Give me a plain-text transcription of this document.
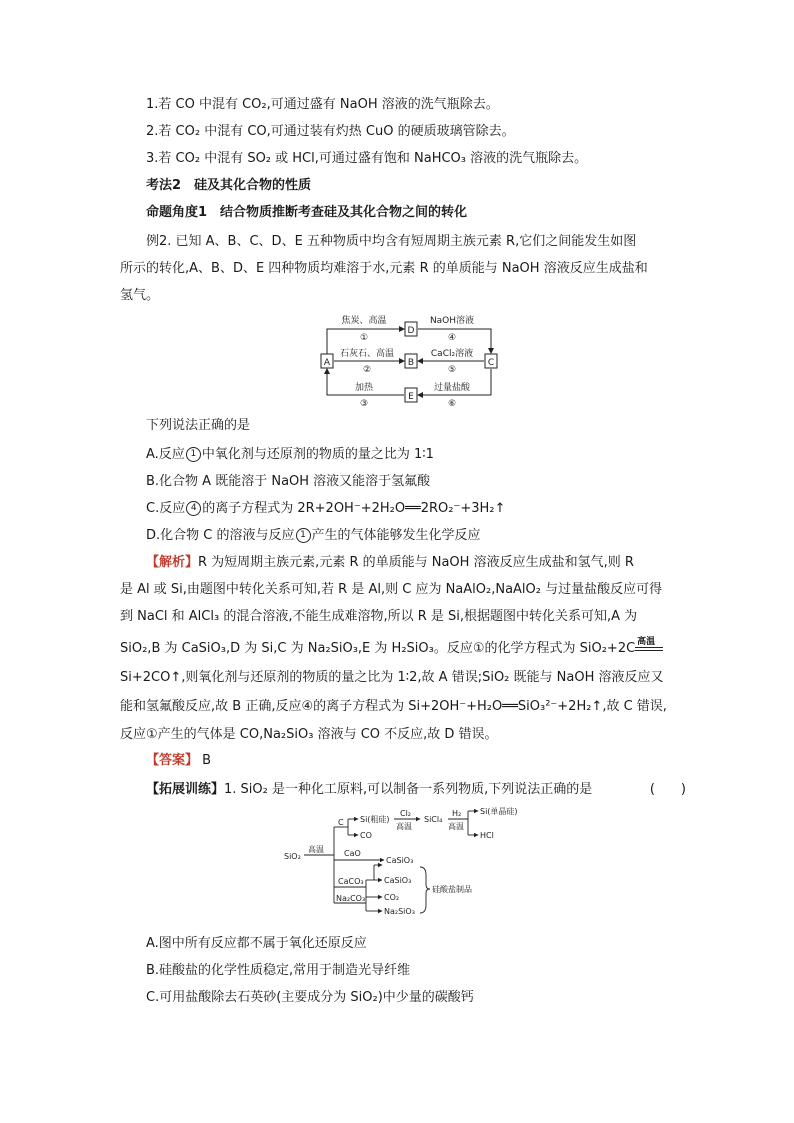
1.若 CO 中混有 CO₂,可通过盛有 NaOH 溶液的洗气瓶除去。
2.若 CO₂ 中混有 CO,可通过装有灼热 CuO 的硬质玻璃管除去。
3.若 CO₂ 中混有 SO₂ 或 HCl,可通过盛有饱和 NaHCO₃ 溶液的洗气瓶除去。
考法2　硅及其化合物的性质
命题角度1　结合物质推断考查硅及其化合物之间的转化
例2. 已知 A、B、C、D、E 五种物质中均含有短周期主族元素 R,它们之间能发生如图
所示的转化,A、B、D、E 四种物质均难溶于水,元素 R 的单质能与 NaOH 溶液反应生成盐和
氢气。
D
A	B	C
E
焦炭、高温
①
NaOH溶液
④
石灰石、高温
②
CaCl₂溶液
⑤
加热
③
过量盐酸
⑥
下列说法正确的是
A.反应 1 中氧化剂与还原剂的物质的量之比为 1∶1
B.化合物 A 既能溶于 NaOH 溶液又能溶于氢氟酸
C.反应 4 的离子方程式为 2R+2OH⁻+2H₂O══2RO₂⁻+3H₂↑
D.化合物 C 的溶液与反应 1 产生的气体能够发生化学反应
【解析】R 为短周期主族元素,元素 R 的单质能与 NaOH 溶液反应生成盐和氢气,则 R
是 Al 或 Si,由题图中转化关系可知,若 R 是 Al,则 C 应为 NaAlO₂,NaAlO₂ 与过量盐酸反应可得
到 NaCl 和 AlCl₃ 的混合溶液,不能生成难溶物,所以 R 是 Si,根据题图中转化关系可知,A 为
SiO₂,B 为 CaSiO₃,D 为 Si,C 为 Na₂SiO₃,E 为 H₂SiO₃。反应①的化学方程式为 SiO₂+2C 高温
Si+2CO↑,则氧化剂与还原剂的物质的量之比为 1∶2,故 A 错误;SiO₂ 既能与 NaOH 溶液反应又
能和氢氟酸反应,故 B 正确,反应④的离子方程式为 Si+2OH⁻+H₂O══SiO₃²⁻+2H₂↑,故 C 错误,
反应①产生的气体是 CO,Na₂SiO₃ 溶液与 CO 不反应,故 D 错误。
【答案】 B
【拓展训练】1. SiO₂ 是一种化工原料,可以制备一系列物质,下列说法正确的是	(　　)
SiO₂
高温
C Si(粗硅)
CO
Cl₂
高温
SiCl₄
H₂
高温
Si(单晶硅)
HCl
CaO
CaSiO₃
CaCO₃
Na₂CO₃
CaSiO₃
CO₂
Na₂SiO₃
硅酸盐制品
A.图中所有反应都不属于氧化还原反应
B.硅酸盐的化学性质稳定,常用于制造光导纤维
C.可用盐酸除去石英砂(主要成分为 SiO₂)中少量的碳酸钙
